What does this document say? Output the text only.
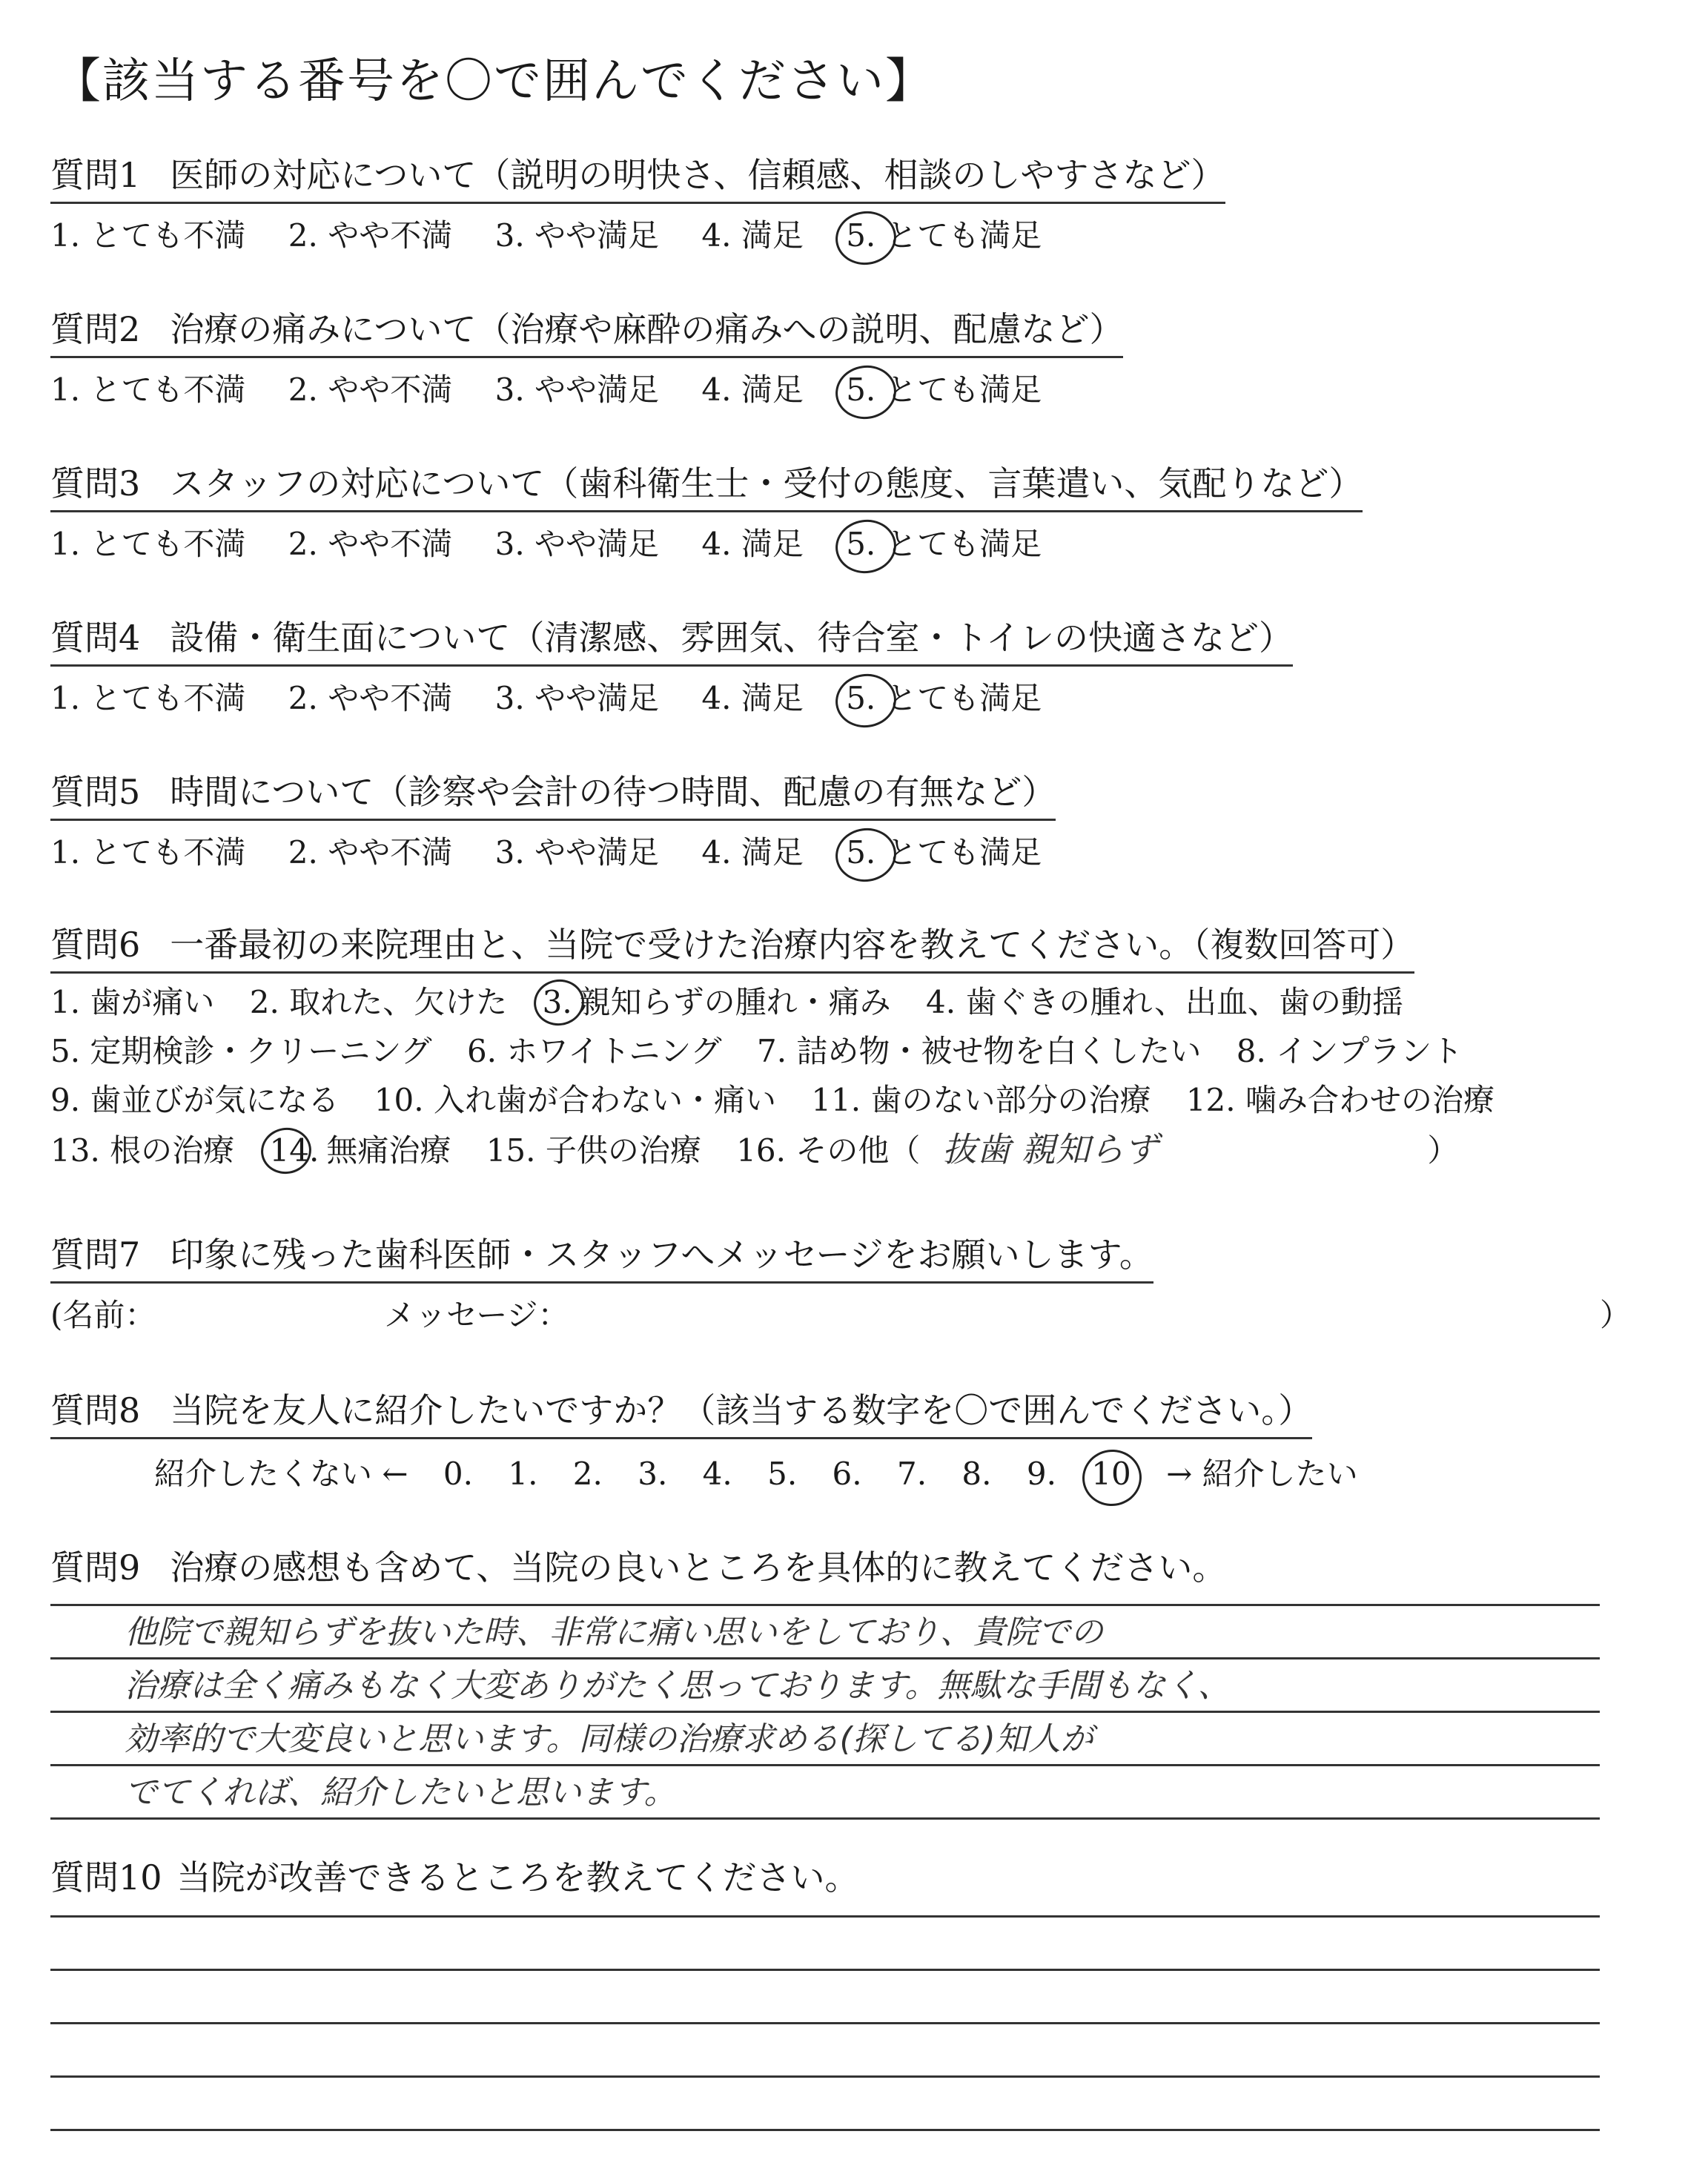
【該当する番号を〇で囲んでください】
質問1 医師の対応について（説明の明快さ、信頼感、相談のしやすさなど）
1. とても不満 2. やや不満 3. やや満足 4. 満足 5. とても満足
質問2 治療の痛みについて（治療や麻酔の痛みへの説明、配慮など）
1. とても不満 2. やや不満 3. やや満足 4. 満足 5. とても満足
質問3 スタッフの対応について（歯科衛生士・受付の態度、言葉遣い、気配りなど）
1. とても不満 2. やや不満 3. やや満足 4. 満足 5. とても満足
質問4 設備・衛生面について（清潔感、雰囲気、待合室・トイレの快適さなど）
1. とても不満 2. やや不満 3. やや満足 4. 満足 5. とても満足
質問5 時間について（診察や会計の待つ時間、配慮の有無など）
1. とても不満 2. やや不満 3. やや満足 4. 満足 5. とても満足
質問6 一番最初の来院理由と、当院で受けた治療内容を教えてください。（複数回答可）
1. 歯が痛い 2. 取れた、欠けた 3. 親知らずの腫れ・痛み 4. 歯ぐきの腫れ、出血、歯の動揺
5. 定期検診・クリーニング 6. ホワイトニング 7. 詰め物・被せ物を白くしたい 8. インプラント
9. 歯並びが気になる 10. 入れ歯が合わない・痛い 11. 歯のない部分の治療 12. 噛み合わせの治療
13. 根の治療 14. 無痛治療 15. 子供の治療 16. その他（ 抜歯 親知らず	）
質問7 印象に残った歯科医師・スタッフへメッセージをお願いします。
(名前：	メッセージ：	）
質問8 当院を友人に紹介したいですか？（該当する数字を〇で囲んでください。）
紹介したくない ← 0. 1. 2. 3. 4. 5. 6. 7. 8. 9. 10 → 紹介したい
質問9 治療の感想も含めて、当院の良いところを具体的に教えてください。
他院で親知らずを抜いた時、非常に痛い思いをしており、貴院での
治療は全く痛みもなく大変ありがたく思っております。無駄な手間もなく、
効率的で大変良いと思います。同様の治療求める(探してる)知人が
でてくれば、紹介したいと思います。
質問10 当院が改善できるところを教えてください。
